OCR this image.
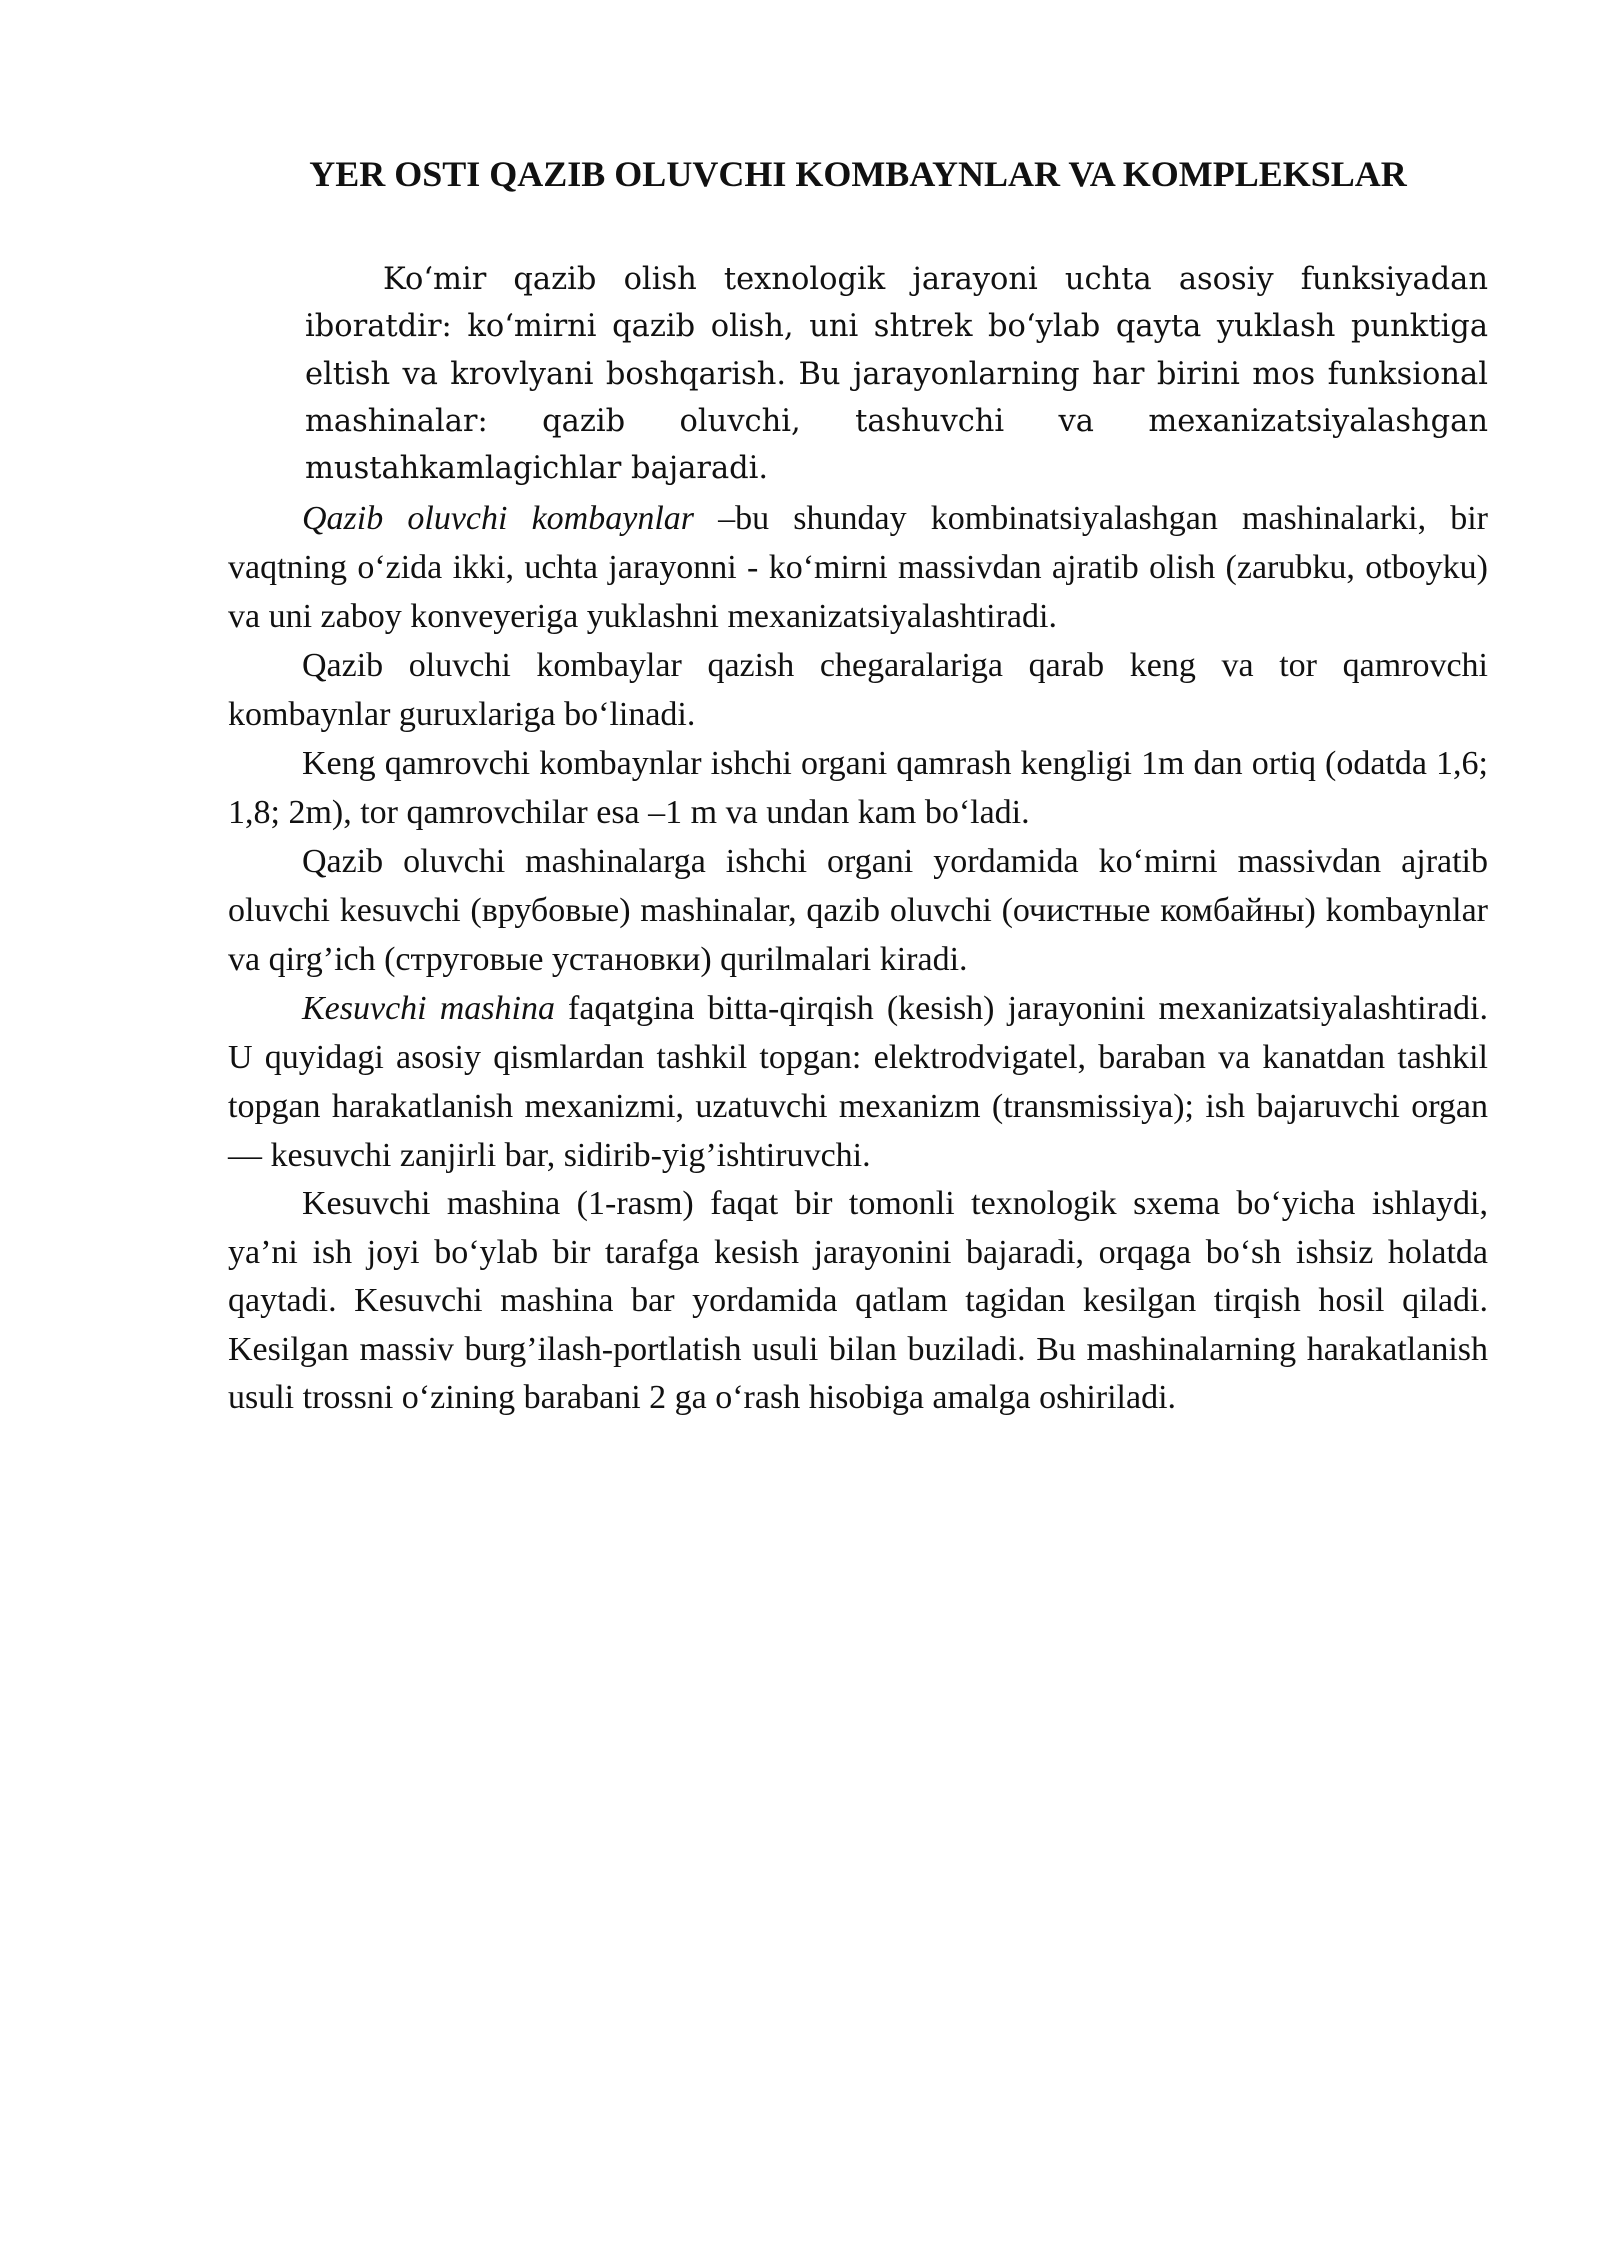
YER OSTI QAZIB OLUVCHI KOMBAYNLAR VA KOMPLEKSLAR

Ko‘mir qazib olish texnologik jarayoni uchta asosiy funksiyadan iboratdir: ko‘mirni qazib olish, uni shtrek bo‘ylab qayta yuklash punktiga eltish va krovlyani boshqarish. Bu jarayonlarning har birini mos funksional mashinalar: qazib oluvchi, tashuvchi va mexanizatsiyalashgan mustahkamlagichlar bajaradi.

Qazib oluvchi kombaynlar –bu shunday kombinatsiyalashgan mashinalarki, bir vaqtning o‘zida ikki, uchta jarayonni - ko‘mirni massivdan ajratib olish (zarubku, otboyku) va uni zaboy konveyeriga yuklashni mexanizatsiyalashtiradi.

Qazib oluvchi kombaylar qazish chegaralariga qarab keng va tor qamrovchi kombaynlar guruxlariga bo‘linadi.

Keng qamrovchi kombaynlar ishchi organi qamrash kengligi 1m dan ortiq (odatda 1,6; 1,8; 2m), tor qamrovchilar esa –1 m va undan kam bo‘ladi.

Qazib oluvchi mashinalarga ishchi organi yordamida ko‘mirni massivdan ajratib oluvchi kesuvchi (врубовые) mashinalar, qazib oluvchi (очистные комбайны) kombaynlar va qirg’ich (струговые установки) qurilmalari kiradi.

Kesuvchi mashina faqatgina bitta-qirqish (kesish) jarayonini mexanizatsiyalashtiradi. U quyidagi asosiy qismlardan tashkil topgan: elektrodvigatel, baraban va kanatdan tashkil topgan harakatlanish mexanizmi, uzatuvchi mexanizm (transmissiya); ish bajaruvchi organ — kesuvchi zanjirli bar, sidirib-yig’ishtiruvchi.

Kesuvchi mashina (1-rasm) faqat bir tomonli texnologik sxema bo‘yicha ishlaydi, ya’ni ish joyi bo‘ylab bir tarafga kesish jarayonini bajaradi, orqaga bo‘sh ishsiz holatda qaytadi. Kesuvchi mashina bar yordamida qatlam tagidan kesilgan tirqish hosil qiladi. Kesilgan massiv burg’ilash-portlatish usuli bilan buziladi. Bu mashinalarning harakatlanish usuli trossni o‘zining barabani 2 ga o‘rash hisobiga amalga oshiriladi.
